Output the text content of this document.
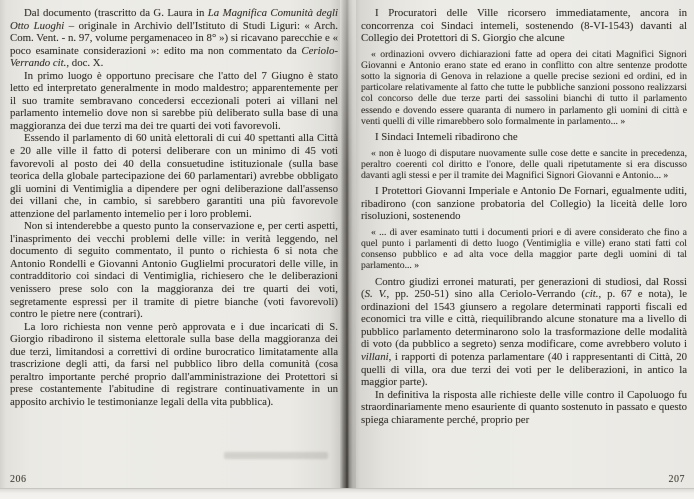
Dal documento (trascritto da G. Laura in La Magnifica Comunità degli Otto Luoghi – originale in Archivio dell'Istituto di Studi Liguri: « Arch. Com. Vent. - n. 97, volume pergamenaceo in 8° ») si ricavano parecchie e « poco esaminate considerazioni »: edito ma non commentato da Ceriolo-Verrando cit., doc. X.

In primo luogo è opportuno precisare che l'atto del 7 Giugno è stato letto ed interpretato generalmente in modo maldestro; apparentemente per il suo tramite sembravano concedersi eccezionali poteri ai villani nel parlamento intemelio dove non si sarebbe più deliberato sulla base di una maggioranza dei due terzi ma dei tre quarti dei voti favorevoli.

Essendo il parlamento di 60 unità elettorali di cui 40 spettanti alla Città e 20 alle ville il fatto di potersi deliberare con un minimo di 45 voti favorevoli al posto dei 40 della consuetudine istituzionale (sulla base teorica della globale partecipazione dei 60 parlamentari) avrebbe obbligato gli uomini di Ventimiglia a dipendere per ogni deliberazione dall'assenso dei villani che, in cambio, si sarebbero garantiti una più favorevole attenzione del parlamento intemelio per i loro problemi.

Non si intenderebbe a questo punto la conservazione e, per certi aspetti, l'inasprimento dei vecchi problemi delle ville: in verità leggendo, nel documento di seguito commentato, il punto o richiesta 6 si nota che Antonio Rondelli e Giovanni Antonio Guglielmi procuratori delle ville, in contradditorio coi sindaci di Ventimiglia, richiesero che le deliberazioni venissero prese solo con la maggioranza dei tre quarti dei voti, segretamente espressi per il tramite di pietre bianche (voti favorevoli) contro le pietre nere (contrari).

La loro richiesta non venne però approvata e i due incaricati di S. Giorgio ribadirono il sistema elettorale sulla base della maggioranza dei due terzi, limitandosi a correttivi di ordine burocratico limitatamente alla trascrizione degli atti, da farsi nel pubblico libro della comunità (cosa peraltro importante perché proprio dall'amministrazione dei Protettori si prese costantemente l'abitudine di registrare continuativamente in un apposito archivio le testimonianze legali della vita pubblica).

I Procuratori delle Ville ricorsero immediatamente, ancora in concorrenza coi Sindaci intemeli, sostenendo (8-VI-1543) davanti al Collegio dei Protettori di S. Giorgio che alcune

« ordinazioni ovvero dichiarazioni fatte ad opera dei citati Magnifici Signori Giovanni e Antonio erano state ed erano in conflitto con altre sentenze prodotte sotto la signoria di Genova in relazione a quelle precise sezioni ed ordini, ed in particolare relativamente al fatto che tutte le pubbliche sanzioni possono realizzarsi col concorso delle due terze parti dei sassolini bianchi di tutto il parlamento essendo e dovendo essere quaranta di numero in parlamento gli uomini di città e venti quelli di ville rimarebbero solo formalmente in parlamento... »

I Sindaci Intemeli ribadirono che

« non è luogo di disputare nuovamente sulle cose dette e sancite in precedenza, peraltro coerenti col diritto e l'onore, delle quali ripetutamente si era discusso davanti agli stessi e per il tramite dei Magnifici Signori Giovanni e Antonio... »

I Protettori Giovanni Imperiale e Antonio De Fornari, egualmente uditi, ribadirono (con sanzione probatoria del Collegio) la liceità delle loro risoluzioni, sostenendo

« ... di aver esaminato tutti i documenti priori e di avere considerato che fino a quel punto i parlamenti di detto luogo (Ventimiglia e ville) erano stati fatti col consenso pubblico e ad alta voce della maggior parte degli uomini di tal parlamento... »

Contro giudizi erronei maturati, per generazioni di studiosi, dal Rossi (S. V., pp. 250-51) sino alla Ceriolo-Verrando (cit., p. 67 e nota), le ordinazioni del 1543 giunsero a regolare determinati rapporti fiscali ed economici tra ville e città, riequilibrando alcune stonature ma a livello di pubblico parlamento determinarono solo la trasformazione delle modalità di voto (da pubblico a segreto) senza modificare, come avrebbero voluto i villani, i rapporti di potenza parlamentare (40 i rappresentanti di Città, 20 quelli di villa, ora due terzi dei voti per le deliberazioni, in antico la maggior parte).

In definitiva la risposta alle richieste delle ville contro il Capoluogo fu straordinariamente meno esauriente di quanto sostenuto in passato e questo spiega chiaramente perché, proprio per

206	207
